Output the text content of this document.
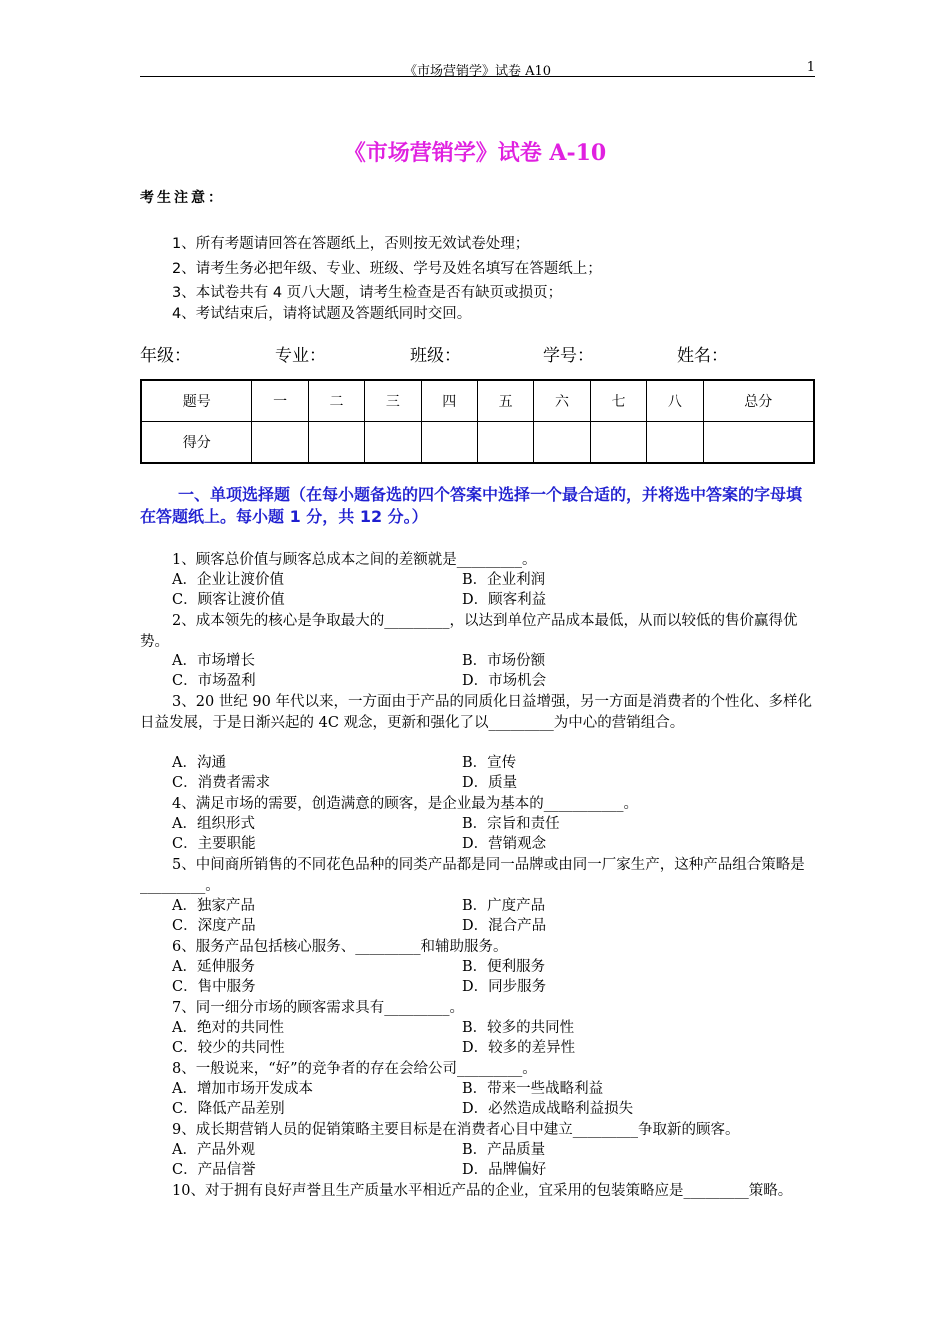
《市场营销学》试卷 A10	1
《市场营销学》试卷 A-10
考生注意：
1、所有考题请回答在答题纸上，否则按无效试卷处理；
2、请考生务必把年级、专业、班级、学号及姓名填写在答题纸上；
3、本试卷共有 4 页八大题，请考生检查是否有缺页或损页；
4、考试结束后，请将试题及答题纸同时交回。
年级：	专业：	班级：	学号：	姓名：
题号	一	二	三	四	五	六	七	八	总分
得分									
一、单项选择题（在每小题备选的四个答案中选择一个最合适的，并将选中答案的字母填在答题纸上。每小题 1 分，共 12 分。）
1、顾客总价值与顾客总成本之间的差额就是_________。
A．企业让渡价值	B．企业利润
C．顾客让渡价值	D．顾客利益
2、成本领先的核心是争取最大的_________，以达到单位产品成本最低，从而以较低的售价赢得优势。
A．市场增长	B．市场份额
C．市场盈利	D．市场机会
3、20 世纪 90 年代以来，一方面由于产品的同质化日益增强，另一方面是消费者的个性化、多样化日益发展，于是日渐兴起的 4C 观念，更新和强化了以_________为中心的营销组合。
A．沟通	B．宣传
C．消费者需求	D．质量
4、满足市场的需要，创造满意的顾客，是企业最为基本的___________。
A．组织形式	B．宗旨和责任
C．主要职能	D．营销观念
5、中间商所销售的不同花色品种的同类产品都是同一品牌或由同一厂家生产，这种产品组合策略是_________。
A．独家产品	B．广度产品
C．深度产品	D．混合产品
6、服务产品包括核心服务、_________和辅助服务。
A．延伸服务	B．便利服务
C．售中服务	D．同步服务
7、同一细分市场的顾客需求具有_________。
A．绝对的共同性	B．较多的共同性
C．较少的共同性	D．较多的差异性
8、一般说来，“好”的竞争者的存在会给公司_________。
A．增加市场开发成本	B．带来一些战略利益
C．降低产品差别	D．必然造成战略利益损失
9、成长期营销人员的促销策略主要目标是在消费者心目中建立_________争取新的顾客。
A．产品外观	B．产品质量
C．产品信誉	D．品牌偏好
10、对于拥有良好声誉且生产质量水平相近产品的企业，宜采用的包装策略应是_________策略。
